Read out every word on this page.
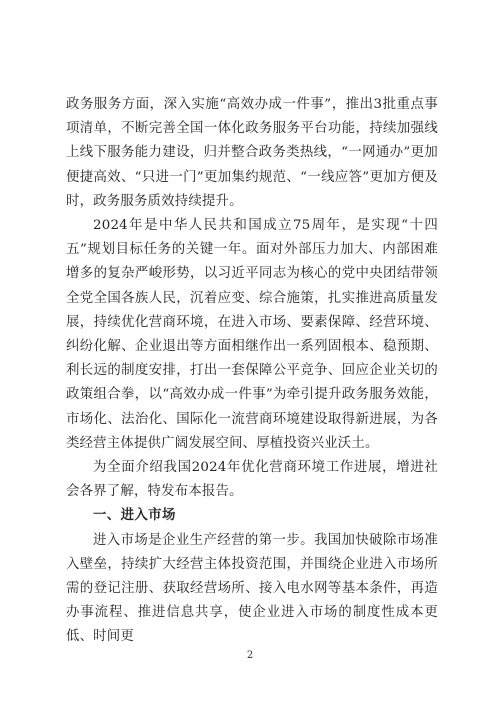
政务服务方面，深入实施“高效办成一件事”，推出3批重点事项清单，不断完善全国一体化政务服务平台功能，持续加强线上线下服务能力建设，归并整合政务类热线，“一网通办”更加便捷高效、“只进一门”更加集约规范、“一线应答”更加方便及时，政务服务质效持续提升。

2024年是中华人民共和国成立75周年，是实现“十四五”规划目标任务的关键一年。面对外部压力加大、内部困难增多的复杂严峻形势，以习近平同志为核心的党中央团结带领全党全国各族人民，沉着应变、综合施策，扎实推进高质量发展，持续优化营商环境，在进入市场、要素保障、经营环境、纠纷化解、企业退出等方面相继作出一系列固根本、稳预期、利长远的制度安排，打出一套保障公平竞争、回应企业关切的政策组合拳，以“高效办成一件事”为牵引提升政务服务效能，市场化、法治化、国际化一流营商环境建设取得新进展，为各类经营主体提供广阔发展空间、厚植投资兴业沃土。

为全面介绍我国2024年优化营商环境工作进展，增进社会各界了解，特发布本报告。

一、进入市场

进入市场是企业生产经营的第一步。我国加快破除市场准入壁垒，持续扩大经营主体投资范围，并围绕企业进入市场所需的登记注册、获取经营场所、接入电水网等基本条件，再造办事流程、推进信息共享，使企业进入市场的制度性成本更低、时间更

2
